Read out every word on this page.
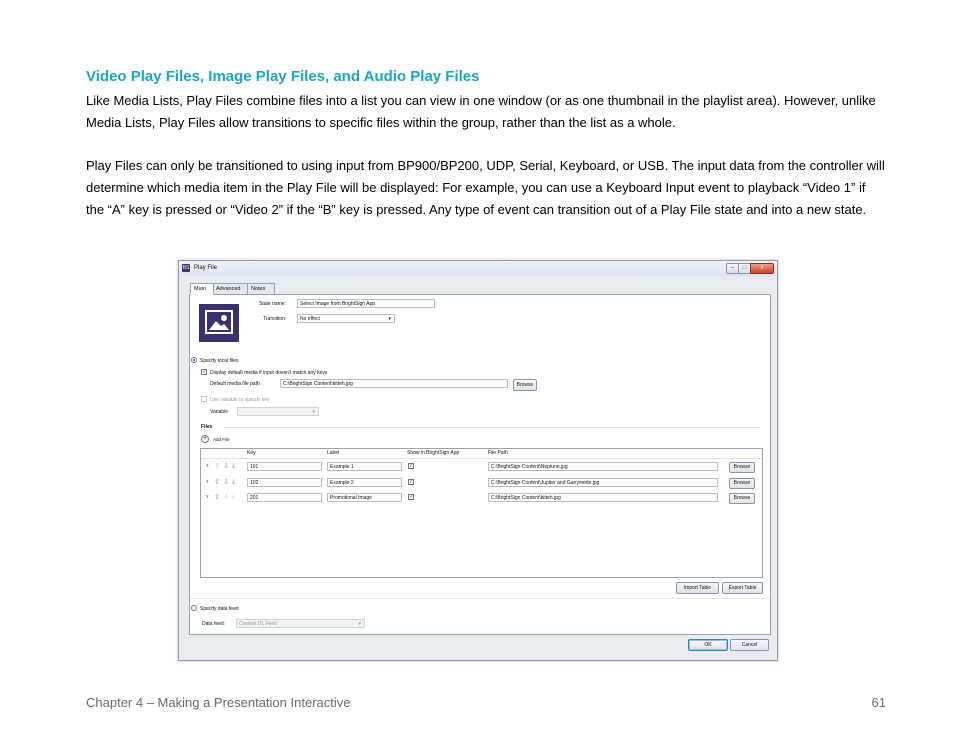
Video Play Files, Image Play Files, and Audio Play Files
Like Media Lists, Play Files combine files into a list you can view in one window (or as one thumbnail in the playlist area). However, unlike Media Lists, Play Files allow transitions to specific files within the group, rather than the list as a whole.
Play Files can only be transitioned to using input from BP900/BP200, UDP, Serial, Keyboard, or USB. The input data from the controller will determine which media item in the Play File will be displayed: For example, you can use a Keyboard Input event to playback “Video 1” if the “A” key is pressed or “Video 2” if the “B” key is pressed. Any type of event can transition out of a Play File state and into a new state.
BS Play File	–	□	x
Main	Advanced	Notes
State name:	Select Image from BrightSign App
Transition:	No effect	▾
Specify local files
✓ Display default media if input doesn't match any keys
Default media file path	C:\BrightSign Content\kitteh.jpg	Browse
Use variable to specify key
Variable	▾
Files
+	Add File
Key	Label	Show in BrightSign App	File Path
x ⇧ ⇩ ⤓	101	Example 1	✓	C:\BrightSign Content\Neptune.jpg	Browse
x ⇧ ⇩ ⤓	102	Example 2	✓	C:\BrightSign Content\Jupiter and Ganymede.jpg	Browse
x ⇧ ⇩ ⤓	201	Promotional Image	✓	C:\BrightSign Content\kitteh.jpg	Browse
Import Table	Export Table
Specify data feed
Data feed:	Content DL Feed	▾
OK	Cancel
Chapter 4 – Making a Presentation Interactive	61
